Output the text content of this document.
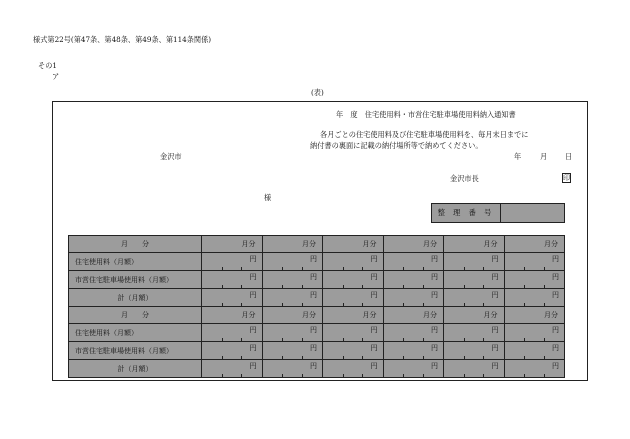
様式第22号(第47条、第48条、第49条、第114条関係)
その1
ア
(表)
年　度　住宅使用料・市営住宅駐車場使用料納入通知書
各月ごとの住宅使用料及び住宅駐車場使用料を、毎月末日までに
納付書の裏面に記載の納付場所等で納めてください。
金沢市	年	月 日
金沢市長	印
様
整 理 番 号
月　　分	月分	月分	月分	月分	月分	月分
住宅使用料（月額）	円	円	円	円	円	円

市営住宅駐車場使用料（月額）	円	円	円	円	円	円

計（月額）	円	円	円	円	円	円

月　　分	月分	月分	月分	月分	月分	月分
住宅使用料（月額）	円	円	円	円	円	円

市営住宅駐車場使用料（月額）	円	円	円	円	円	円

計（月額）	円	円	円	円	円	円
